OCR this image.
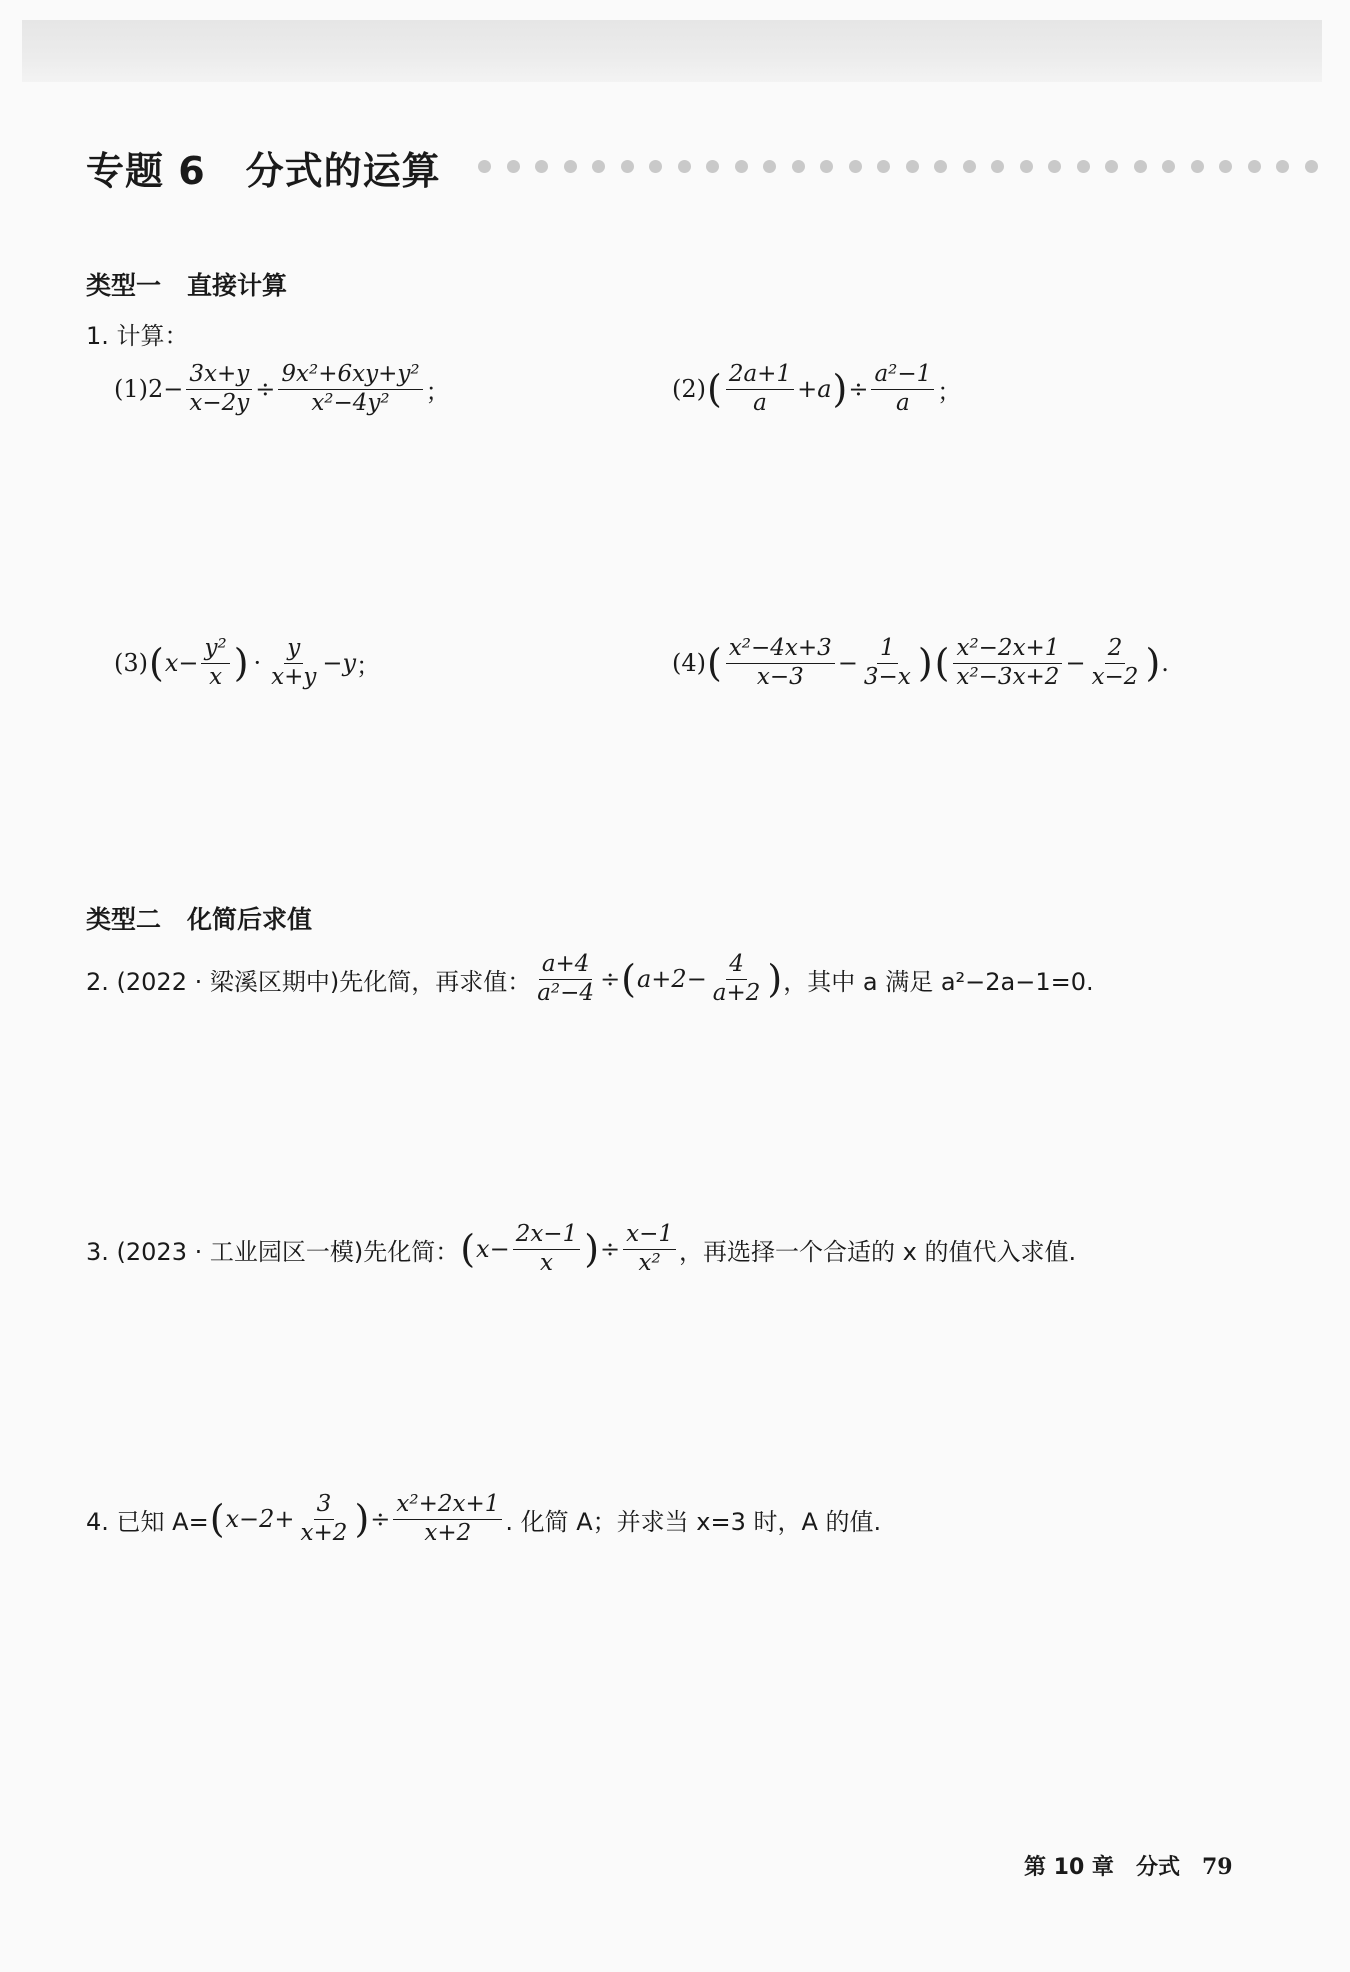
专题 6 分式的运算
类型一 直接计算
1. 计算：
(1) $2- \frac{3x+y}{x-2y} \div \frac{\text{9x²+6xy+y²}}{\text{x²−4y²}}$ ；	(2) ( $\frac{2a+1}{a} +a$ ) ÷ $\frac{\text{a²−1}}{a}$ ；
(3) ( $x- \frac{\text{y²}}{x}$ ) · $\frac{y}{x+y} -y$ ；	(4) ( $\frac{\text{x²−4x+3}}{x-3} - \frac{1}{3-x}$ ) ( $\frac{\text{x²−2x+1}}{\text{x²−3x+2}} - \frac{2}{x-2}$ ) .
类型二 化简后求值
2. (2022 · 梁溪区期中)先化简，再求值： $\frac{a+4}{\text{a²−4}}$ ÷ ( $a+2- \frac{4}{a+2}$ ) ，其中 a 满足 a²−2a−1=0.
3. (2023 · 工业园区一模)先化简： ( $x- \frac{2x-1}{x}$ ) ÷ $\frac{x-1}{\text{x²}}$ ，再选择一个合适的 x 的值代入求值.
4. 已知 A= ( $x-2+ \frac{3}{x+2}$ ) ÷ $\frac{\text{x²+2x+1}}{x+2}$ . 化简 A；并求当 x=3 时，A 的值.
第 10 章 分式 79
